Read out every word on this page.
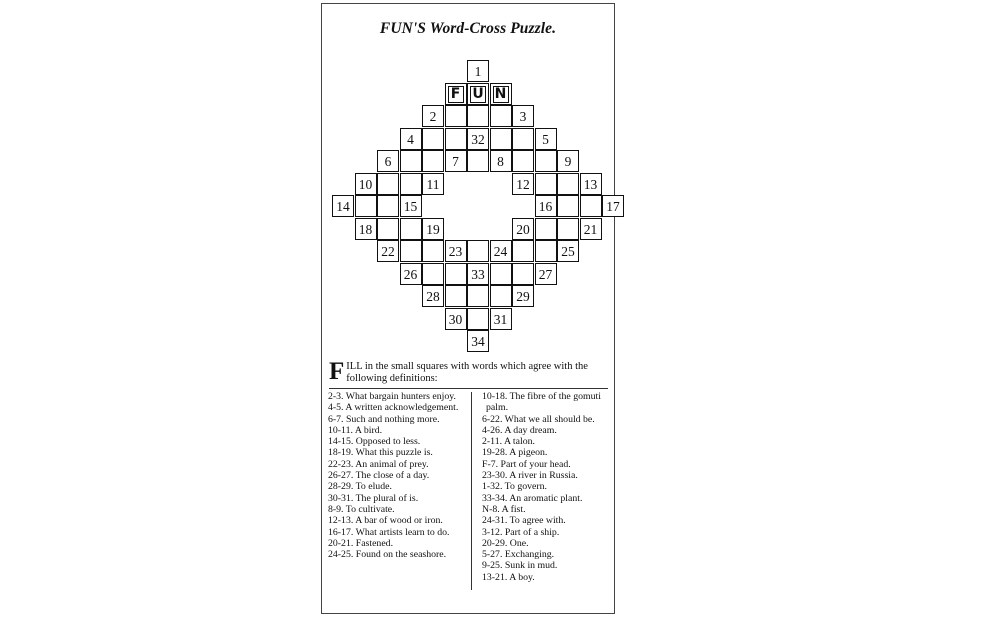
FUN'S Word-Cross Puzzle.
1
F U N
2	3
4	32	5
6	7	8	9
10	11	12	13
14	15	16	17
18	19	20	21
22	23	24	25
26	33	27
28	29
30	31
34
F ILL in the small squares with words which agree with the following definitions:
2-3. What bargain hunters enjoy.
4-5. A written acknowledgement.
6-7. Such and nothing more.
10-11. A bird.
14-15. Opposed to less.
18-19. What this puzzle is.
22-23. An animal of prey.
26-27. The close of a day.
28-29. To elude.
30-31. The plural of is.
8-9. To cultivate.
12-13. A bar of wood or iron.
16-17. What artists learn to do.
20-21. Fastened.
24-25. Found on the seashore.
10-18. The fibre of the gomuti palm.
6-22. What we all should be.
4-26. A day dream.
2-11. A talon.
19-28. A pigeon.
F-7. Part of your head.
23-30. A river in Russia.
1-32. To govern.
33-34. An aromatic plant.
N-8. A fist.
24-31. To agree with.
3-12. Part of a ship.
20-29. One.
5-27. Exchanging.
9-25. Sunk in mud.
13-21. A boy.
